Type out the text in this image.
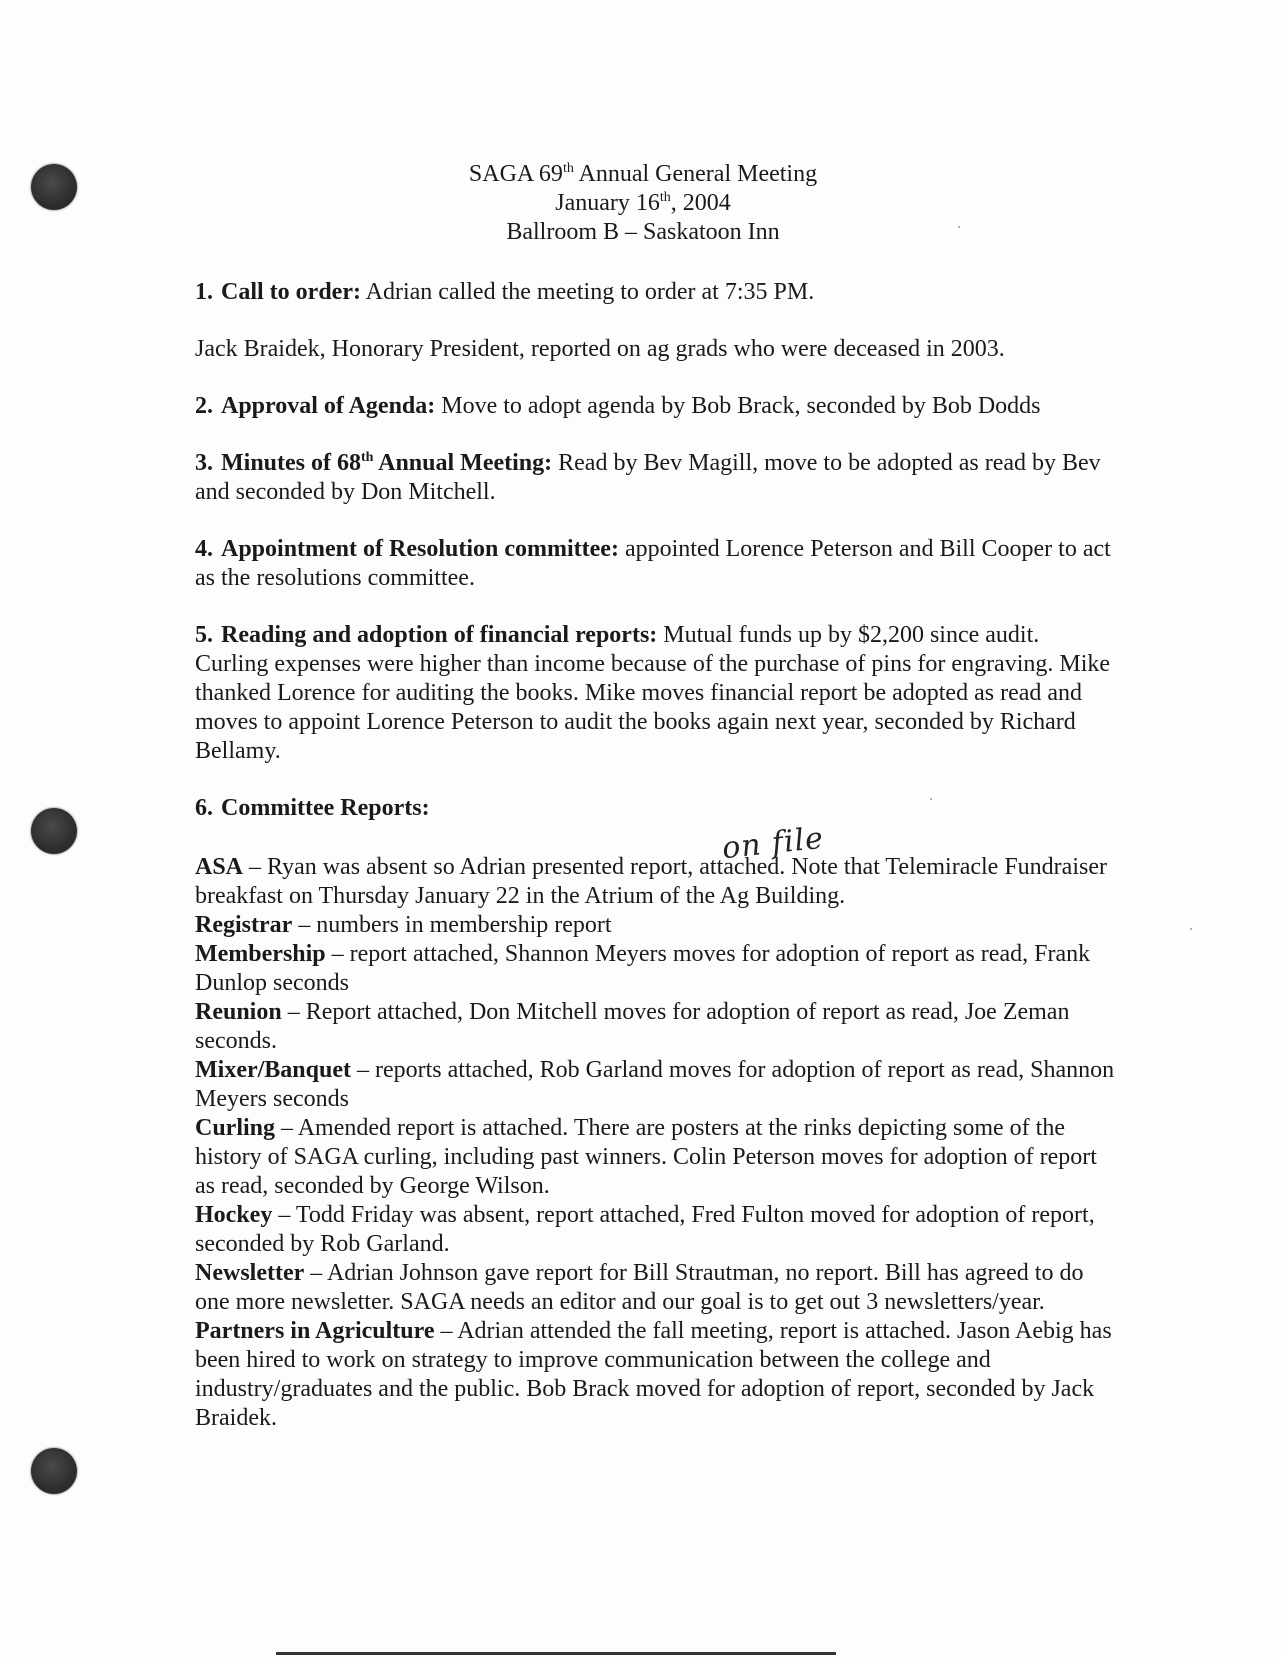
SAGA 69th Annual General Meeting
January 16th, 2004
Ballroom B – Saskatoon Inn
on file

1. Call to order: Adrian called the meeting to order at 7:35 PM.

Jack Braidek, Honorary President, reported on ag grads who were deceased in 2003.

2. Approval of Agenda: Move to adopt agenda by Bob Brack, seconded by Bob Dodds

3. Minutes of 68th Annual Meeting: Read by Bev Magill, move to be adopted as read by Bev and seconded by Don Mitchell.

4. Appointment of Resolution committee: appointed Lorence Peterson and Bill Cooper to act as the resolutions committee.

5. Reading and adoption of financial reports: Mutual funds up by $2,200 since audit. Curling expenses were higher than income because of the purchase of pins for engraving. Mike thanked Lorence for auditing the books. Mike moves financial report be adopted as read and moves to appoint Lorence Peterson to audit the books again next year, seconded by Richard Bellamy.

6. Committee Reports:

ASA – Ryan was absent so Adrian presented report, attached. Note that Telemiracle Fundraiser breakfast on Thursday January 22 in the Atrium of the Ag Building.

Registrar – numbers in membership report

Membership – report attached, Shannon Meyers moves for adoption of report as read, Frank Dunlop seconds

Reunion – Report attached, Don Mitchell moves for adoption of report as read, Joe Zeman seconds.

Mixer/Banquet – reports attached, Rob Garland moves for adoption of report as read, Shannon Meyers seconds

Curling – Amended report is attached. There are posters at the rinks depicting some of the history of SAGA curling, including past winners. Colin Peterson moves for adoption of report as read, seconded by George Wilson.

Hockey – Todd Friday was absent, report attached, Fred Fulton moved for adoption of report, seconded by Rob Garland.

Newsletter – Adrian Johnson gave report for Bill Strautman, no report. Bill has agreed to do one more newsletter. SAGA needs an editor and our goal is to get out 3 newsletters/year.

Partners in Agriculture – Adrian attended the fall meeting, report is attached. Jason Aebig has been hired to work on strategy to improve communication between the college and industry/graduates and the public. Bob Brack moved for adoption of report, seconded by Jack Braidek.
